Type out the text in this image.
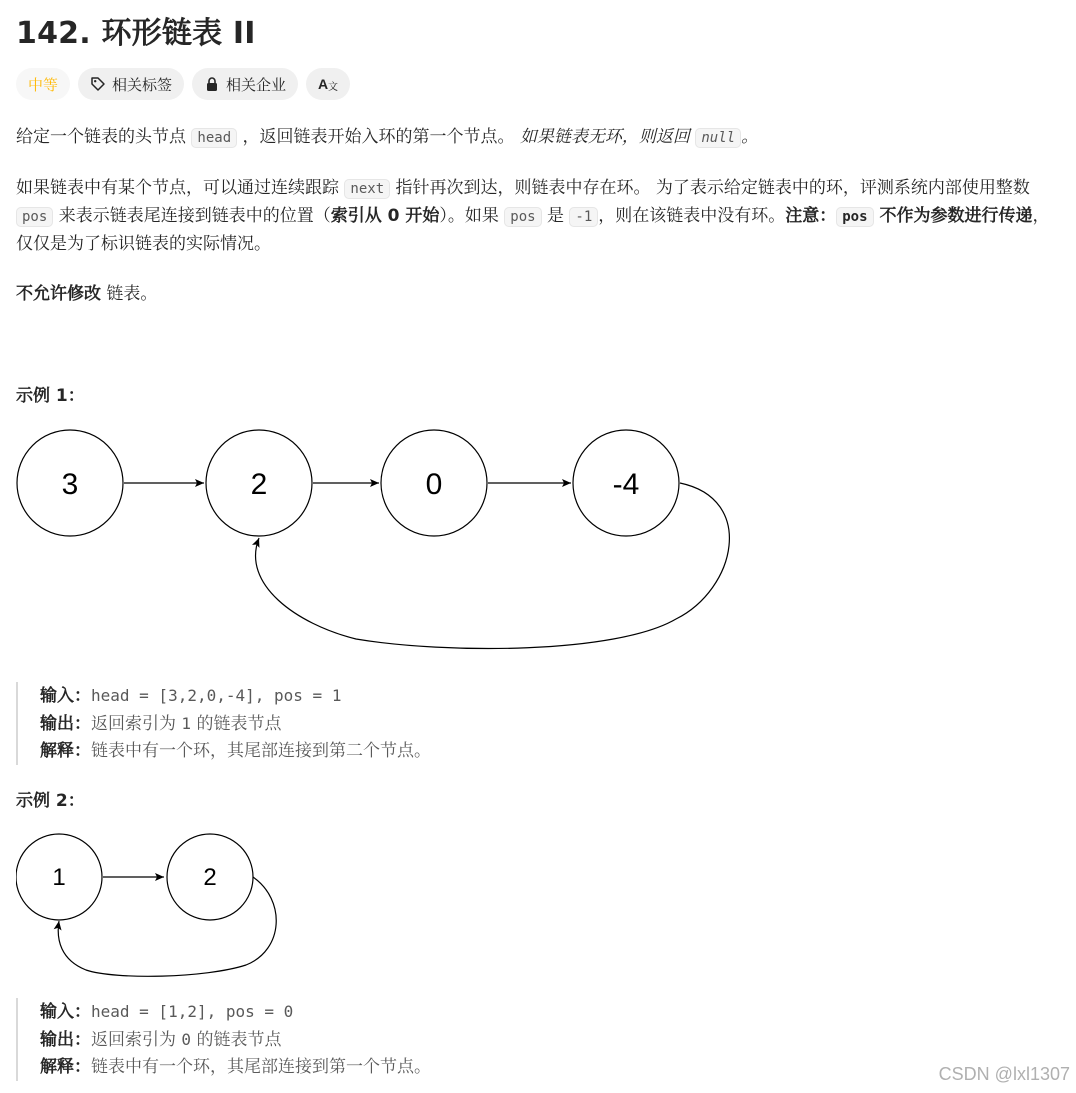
142. 环形链表 II
中等	相关标签	相关企业 A 文
给定一个链表的头节点 head ，返回链表开始入环的第一个节点。 如果链表无环，则返回 null 。
如果链表中有某个节点，可以通过连续跟踪 next 指针再次到达，则链表中存在环。 为了表示给定链表中的环，评测系统内部使用整数 pos 来表示链表尾连接到链表中的位置（索引从 0 开始）。如果 pos 是 -1 ，则在该链表中没有环。注意： pos 不作为参数进行传递，仅仅是为了标识链表的实际情况。
不允许修改 链表。
示例 1：
3	2	0	-4
输入：head = [3,2,0,-4], pos = 1
输出：返回索引为 1 的链表节点
解释：链表中有一个环，其尾部连接到第二个节点。
示例 2：
1	2
输入：head = [1,2], pos = 0
输出：返回索引为 0 的链表节点
解释：链表中有一个环，其尾部连接到第一个节点。	CSDN @lxl1307
